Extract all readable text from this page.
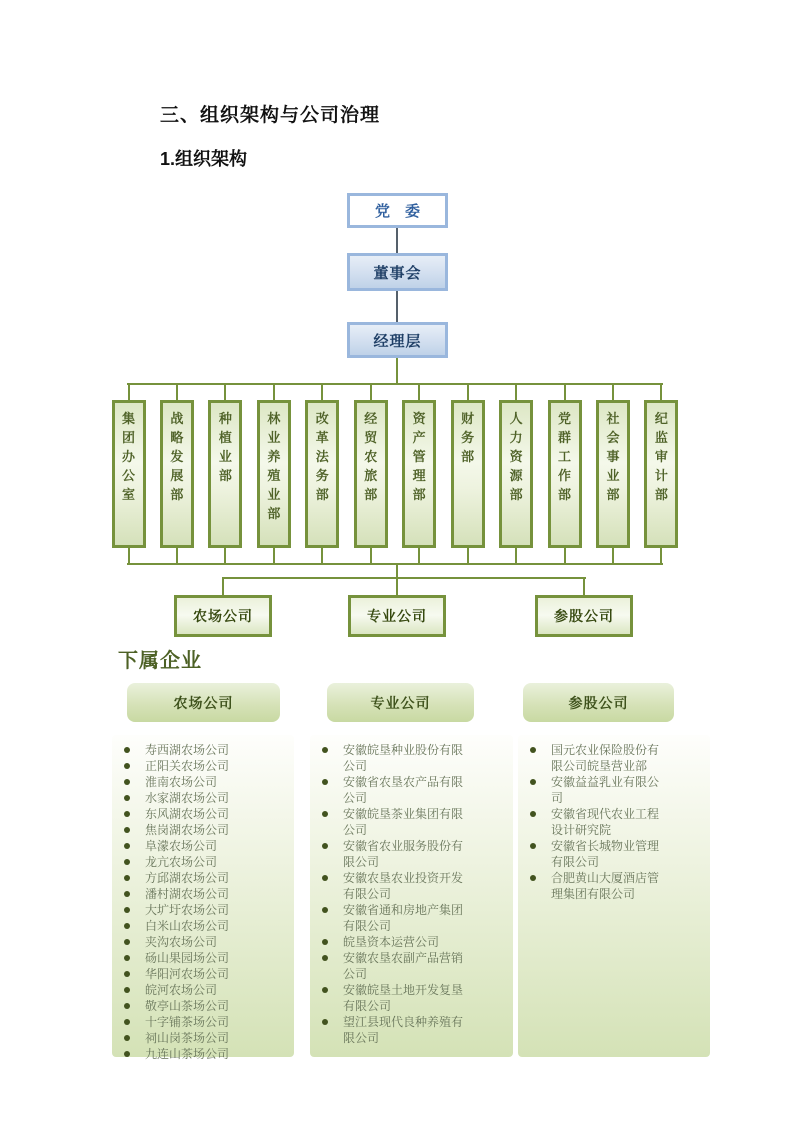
三、组织架构与公司治理
1.组织架构
党　委
董事会
经理层
集团办公室
战略发展部
种植业部
林业养殖业部
改革法务部
经贸农旅部
资产管理部
财务部
人力资源部
党群工作部
社会事业部
纪监审计部
农场公司	专业公司	参股公司
下属企业
寿西湖农场公司
正阳关农场公司
淮南农场公司
水家湖农场公司
东风湖农场公司
焦岗湖农场公司
阜濛农场公司
龙亢农场公司
方邱湖农场公司
潘村湖农场公司
大圹圩农场公司
白米山农场公司
夹沟农场公司
砀山果园场公司
华阳河农场公司
皖河农场公司
敬亭山茶场公司
十字铺茶场公司
祠山岗茶场公司
九连山茶场公司
农场公司
安徽皖垦种业股份有限公司
安徽省农垦农产品有限公司
安徽皖垦茶业集团有限公司
安徽省农业服务股份有限公司
安徽农垦农业投资开发有限公司
安徽省通和房地产集团有限公司
皖垦资本运营公司
安徽农垦农副产品营销公司
安徽皖垦土地开发复垦有限公司
望江县现代良种养殖有限公司
专业公司
国元农业保险股份有限公司皖垦营业部
安徽益益乳业有限公司
安徽省现代农业工程设计研究院
安徽省长城物业管理有限公司
合肥黄山大厦酒店管理集团有限公司
参股公司
